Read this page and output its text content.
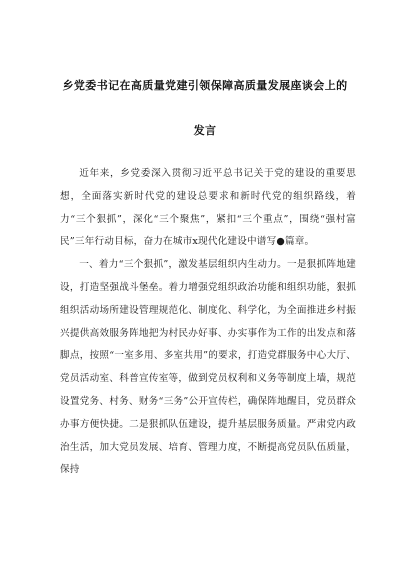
乡党委书记在高质量党建引领保障高质量发展座谈会上的
发言

近年来，乡党委深入贯彻习近平总书记关于党的建设的重要思想，全面落实新时代党的建设总要求和新时代党的组织路线，着力“三个狠抓”，深化“三个聚焦”，紧扣“三个重点”，围绕“强村富民”三年行动目标，奋力在城市x现代化建设中谱写●篇章。

一、着力“三个狠抓”，激发基层组织内生动力。一是狠抓阵地建设，打造坚强战斗堡垒。着力增强党组织政治功能和组织功能，狠抓组织活动场所建设管理规范化、制度化、科学化，为全面推进乡村振兴提供高效服务阵地把为村民办好事、办实事作为工作的出发点和落脚点，按照“一室多用、多室共用”的要求，打造党群服务中心大厅、党员活动室、科普宣传室等，做到党员权利和义务等制度上墙，规范设置党务、村务、财务“三务”公开宣传栏，确保阵地醒目，党员群众办事方便快捷。二是狠抓队伍建设，提升基层服务质量。严肃党内政治生活，加大党员发展、培育、管理力度，不断提高党员队伍质量，保持
